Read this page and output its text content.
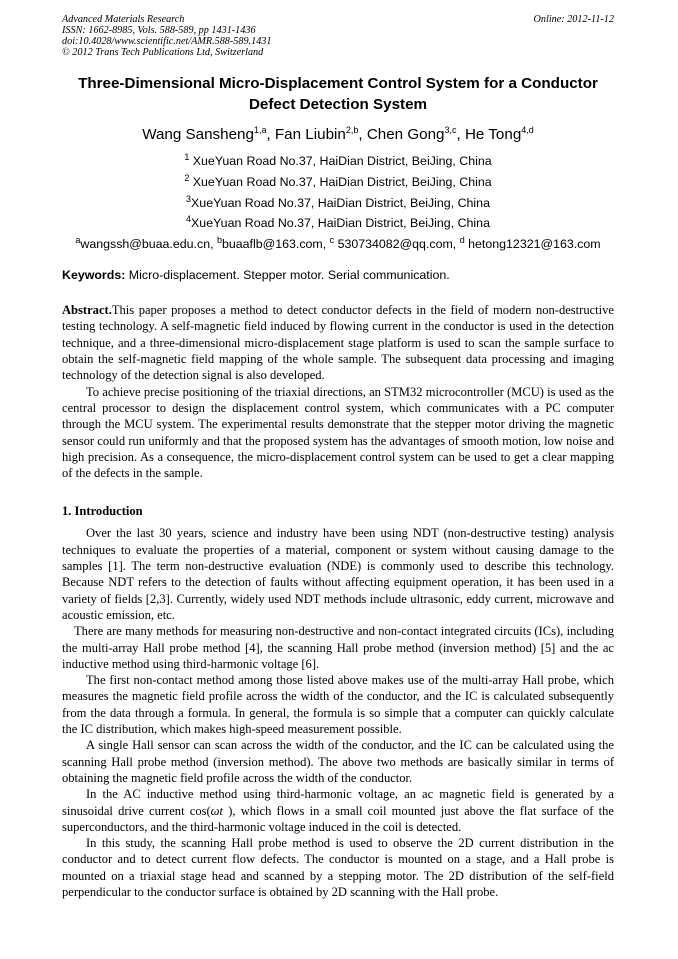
Advanced Materials Research
ISSN: 1662-8985, Vols. 588-589, pp 1431-1436
doi:10.4028/www.scientific.net/AMR.588-589.1431
© 2012 Trans Tech Publications Ltd, Switzerland
Online: 2012-11-12
Three-Dimensional Micro-Displacement Control System for a Conductor
Defect Detection System
Wang Sansheng$^{1,a}$, Fan Liubin$^{2,b}$, Chen Gong$^{3,c}$, He Tong$^{4,d}$
$^1$ XueYuan Road No.37, HaiDian District, BeiJing, China
$^2$ XueYuan Road No.37, HaiDian District, BeiJing, China
$^3$XueYuan Road No.37, HaiDian District, BeiJing, China
$^4$XueYuan Road No.37, HaiDian District, BeiJing, China
$^a$wangssh@buaa.edu.cn, $^b$buaaflb@163.com, $^c$ 530734082@qq.com, $^d$ hetong12321@163.com
Keywords: Micro-displacement. Stepper motor. Serial communication.

Abstract.This paper proposes a method to detect conductor defects in the field of modern non-destructive testing technology. A self-magnetic field induced by flowing current in the conductor is used in the detection technique, and a three-dimensional micro-displacement stage platform is used to scan the sample surface to obtain the self-magnetic field mapping of the whole sample. The subsequent data processing and imaging technology of the detection signal is also developed.

To achieve precise positioning of the triaxial directions, an STM32 microcontroller (MCU) is used as the central processor to design the displacement control system, which communicates with a PC computer through the MCU system. The experimental results demonstrate that the stepper motor driving the magnetic sensor could run uniformly and that the proposed system has the advantages of smooth motion, low noise and high precision. As a consequence, the micro-displacement control system can be used to get a clear mapping of the defects in the sample.

1. Introduction

Over the last 30 years, science and industry have been using NDT (non-destructive testing) analysis techniques to evaluate the properties of a material, component or system without causing damage to the samples [1]. The term non-destructive evaluation (NDE) is commonly used to describe this technology. Because NDT refers to the detection of faults without affecting equipment operation, it has been used in a variety of fields [2,3]. Currently, widely used NDT methods include ultrasonic, eddy current, microwave and acoustic emission, etc.

There are many methods for measuring non-destructive and non-contact integrated circuits (ICs), including the multi-array Hall probe method [4], the scanning Hall probe method (inversion method) [5] and the ac inductive method using third-harmonic voltage [6].

The first non-contact method among those listed above makes use of the multi-array Hall probe, which measures the magnetic field profile across the width of the conductor, and the IC is calculated subsequently from the data through a formula. In general, the formula is so simple that a computer can quickly calculate the IC distribution, which makes high-speed measurement possible.

A single Hall sensor can scan across the width of the conductor, and the IC can be calculated using the scanning Hall probe method (inversion method). The above two methods are basically similar in terms of obtaining the magnetic field profile across the width of the conductor.

In the AC inductive method using third-harmonic voltage, an ac magnetic field is generated by a sinusoidal drive current cos(ωt ), which flows in a small coil mounted just above the flat surface of the superconductors, and the third-harmonic voltage induced in the coil is detected.

In this study, the scanning Hall probe method is used to observe the 2D current distribution in the conductor and to detect current flow defects. The conductor is mounted on a stage, and a Hall probe is mounted on a triaxial stage head and scanned by a stepping motor. The 2D distribution of the self-field perpendicular to the conductor surface is obtained by 2D scanning with the Hall probe.
